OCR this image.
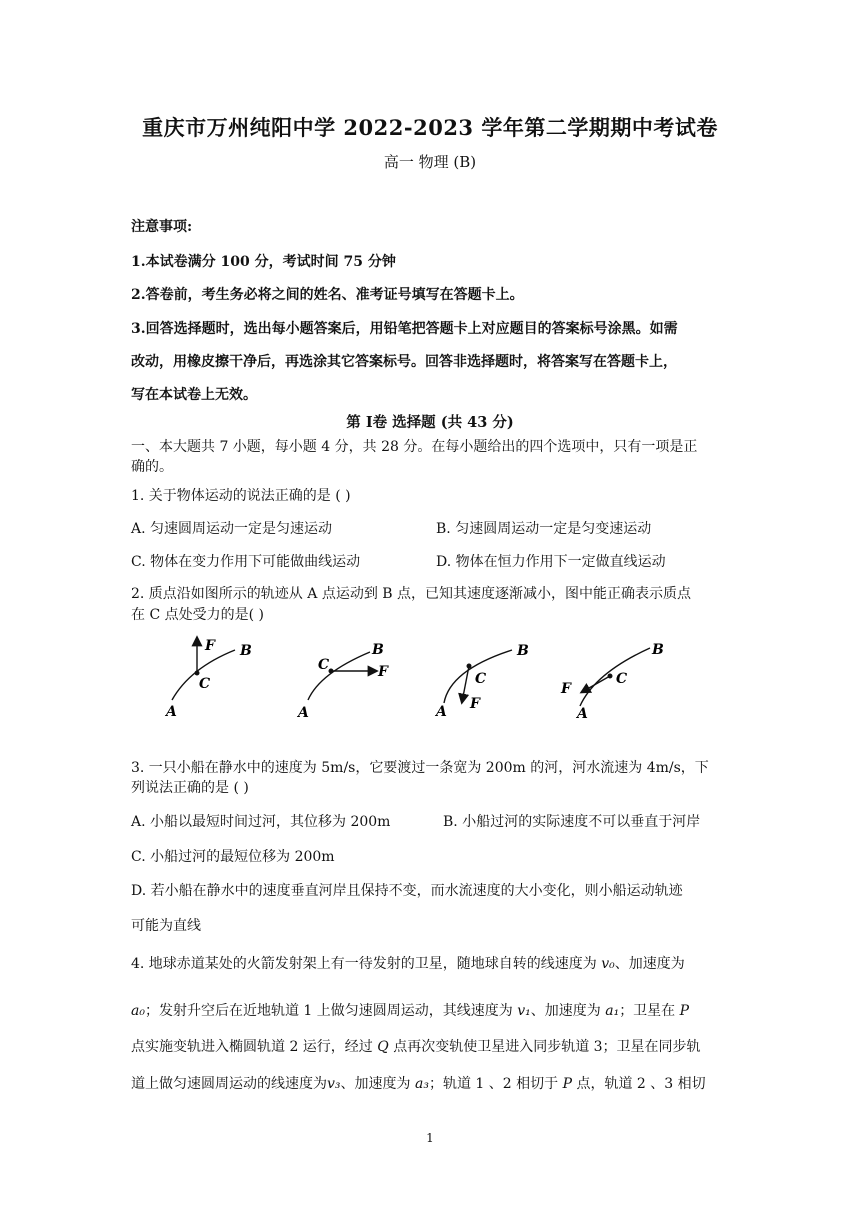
重庆市万州纯阳中学 2022-2023 学年第二学期期中考试卷
高一 物理 (B)
注意事项:
1.本试卷满分 100 分，考试时间 75 分钟
2.答卷前，考生务必将之间的姓名、准考证号填写在答题卡上。
3.回答选择题时，选出每小题答案后，用铅笔把答题卡上对应题目的答案标号涂黑。如需
改动，用橡皮擦干净后，再选涂其它答案标号。回答非选择题时，将答案写在答题卡上，
写在本试卷上无效。
第 Ⅰ卷 选择题 (共 43 分)
一、本大题共 7 小题，每小题 4 分，共 28 分。在每小题给出的四个选项中，只有一项是正
确的。
1. 关于物体运动的说法正确的是 ( )
A. 匀速圆周运动一定是匀速运动	B. 匀速圆周运动一定是匀变速运动
C. 物体在变力作用下可能做曲线运动	D. 物体在恒力作用下一定做直线运动
2. 质点沿如图所示的轨迹从 A 点运动到 B 点，已知其速度逐渐减小，图中能正确表示质点
在 C 点处受力的是( )
F B
C
A
F
B
C
A
F
B
C
A
F
B
C
A
3. 一只小船在静水中的速度为 5m/s，它要渡过一条宽为 200m 的河，河水流速为 4m/s，下
列说法正确的是 ( )
A. 小船以最短时间过河，其位移为 200m	B. 小船过河的实际速度不可以垂直于河岸
C. 小船过河的最短位移为 200m
D. 若小船在静水中的速度垂直河岸且保持不变，而水流速度的大小变化，则小船运动轨迹
可能为直线
4. 地球赤道某处的火箭发射架上有一待发射的卫星，随地球自转的线速度为 v₀、加速度为
a₀；发射升空后在近地轨道 1 上做匀速圆周运动，其线速度为 v₁、加速度为 a₁；卫星在 P
点实施变轨进入椭圆轨道 2 运行，经过 Q 点再次变轨使卫星进入同步轨道 3；卫星在同步轨
道上做匀速圆周运动的线速度为v₃、加速度为 a₃；轨道 1 、2 相切于 P 点，轨道 2 、3 相切
1
